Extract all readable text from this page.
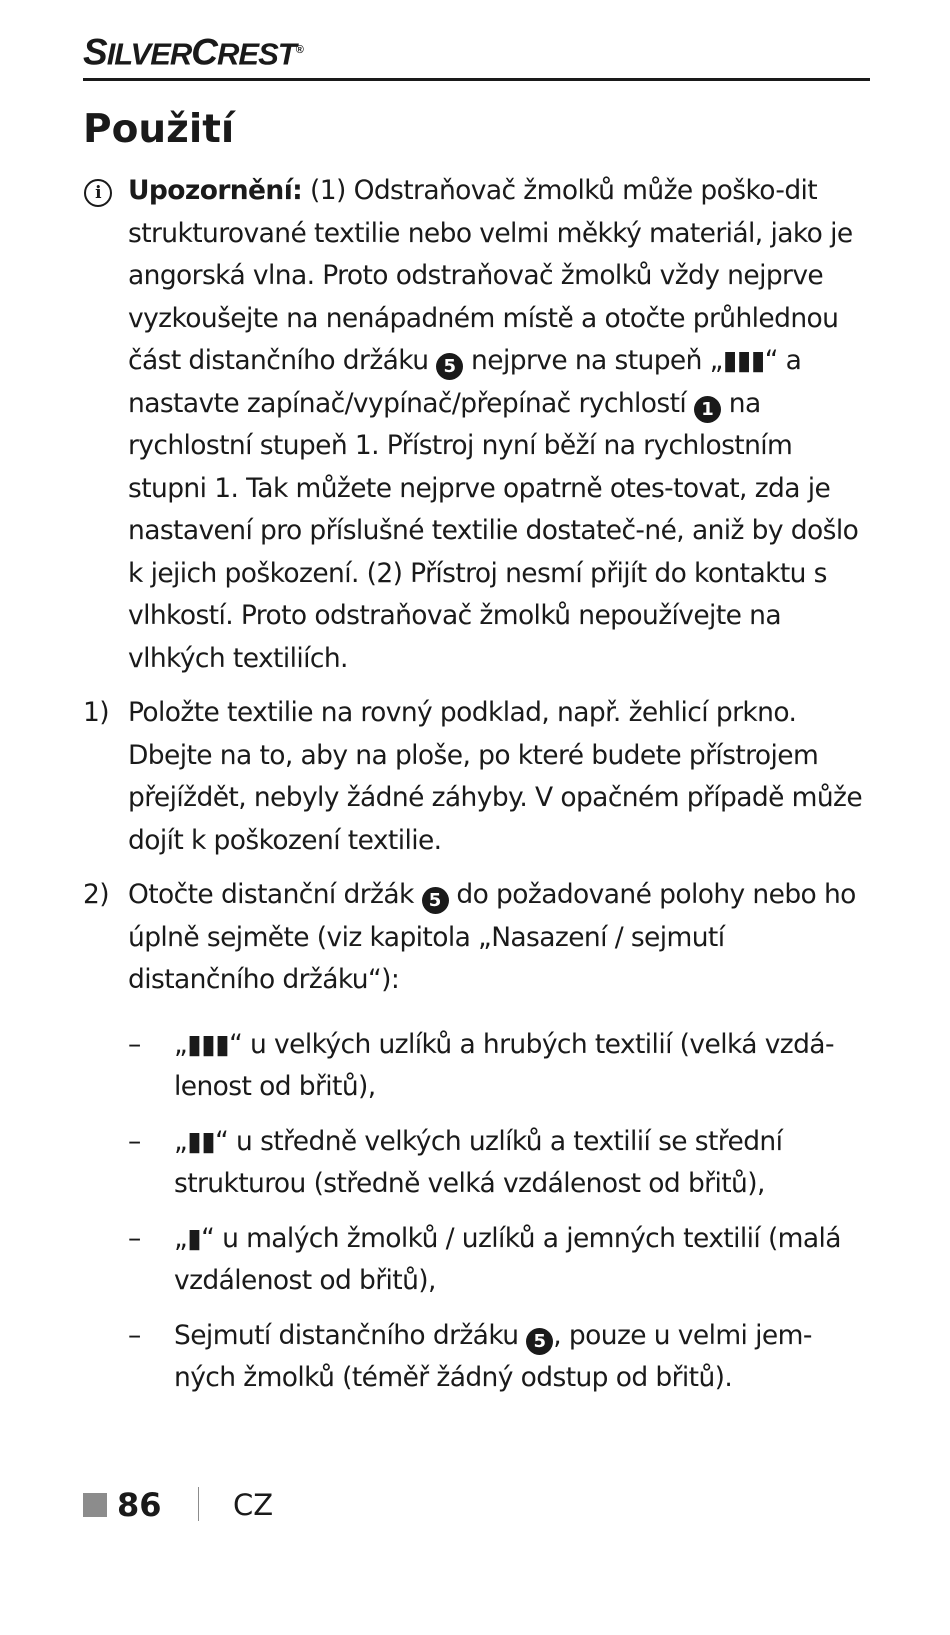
SILVERCREST®
Použití
i	Upozornění: (1) Odstraňovač žmolků může poško-dit strukturované textilie nebo velmi měkký materiál, jako je angorská vlna. Proto odstraňovač žmolků vždy nejprve vyzkoušejte na nenápadném místě a otočte průhlednou část distančního držáku 5 nejprve na stupeň „▮▮▮“ a nastavte zapínač/vypínač/přepínač rychlostí 1 na rychlostní stupeň 1. Přístroj nyní běží na rychlostním stupni 1. Tak můžete nejprve opatrně otes-tovat, zda je nastavení pro příslušné textilie dostateč-né, aniž by došlo k jejich poškození. (2) Přístroj nesmí přijít do kontaktu s vlhkostí. Proto odstraňovač žmolků nepoužívejte na vlhkých textiliích.
1) Položte textilie na rovný podklad, např. žehlicí prkno. Dbejte na to, aby na ploše, po které budete přístrojem přejíždět, nebyly žádné záhyby. V opačném případě může dojít k poškození textilie.
2) Otočte distanční držák 5 do požadované polohy nebo ho úplně sejměte (viz kapitola „Nasazení / sejmutí distančního držáku“):
– „▮▮▮“ u velkých uzlíků a hrubých textilií (velká vzdá-lenost od břitů),
– „▮▮“ u středně velkých uzlíků a textilií se střední strukturou (středně velká vzdálenost od břitů),
– „▮“ u malých žmolků / uzlíků a jemných textilií (malá vzdálenost od břitů),
– Sejmutí distančního držáku 5 , pouze u velmi jem-ných žmolků (téměř žádný odstup od břitů).
86 CZ
